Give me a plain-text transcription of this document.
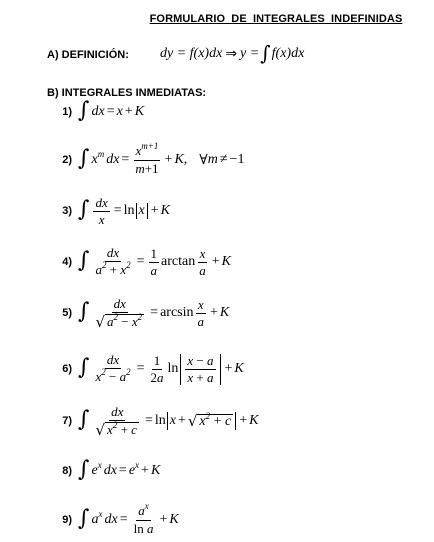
FORMULARIO DE INTEGRALES INDEFINIDAS
A) DEFINICIÓN: dy = f(x)dx ⇒ y = ∫ f(x)dx
B) INTEGRALES INMEDIATAS:
1) ∫ dx = x + K
2) ∫ $x^m$ dx = $\frac{x^{m+1}}{m+1} + K$ , ∀ m ≠ −1
3) ∫ $\frac{dx}{x} = \ln x + K$
4) ∫ $\frac{dx}{a^2 + x^2} = \frac{1}{a}$ $\arctan \frac{x}{a} + K$
5) ∫ $\frac{dx}{√ a^2 - x^2} = \arcsin \frac{x}{a} + K$
6) ∫ $\frac{dx}{x^2 - a^2} = \frac{1}{2a}$ $\ln \frac{x - a}{x + a} + K$
7) ∫ $\frac{dx}{√ x^2 + c} = \ln x$ + √ $x^2 + c + K$
8) ∫ $e^x$ dx = $e^x + K$
9) ∫ $a^x$ dx = $\frac{a^x}{\text{ln a}} + K$
